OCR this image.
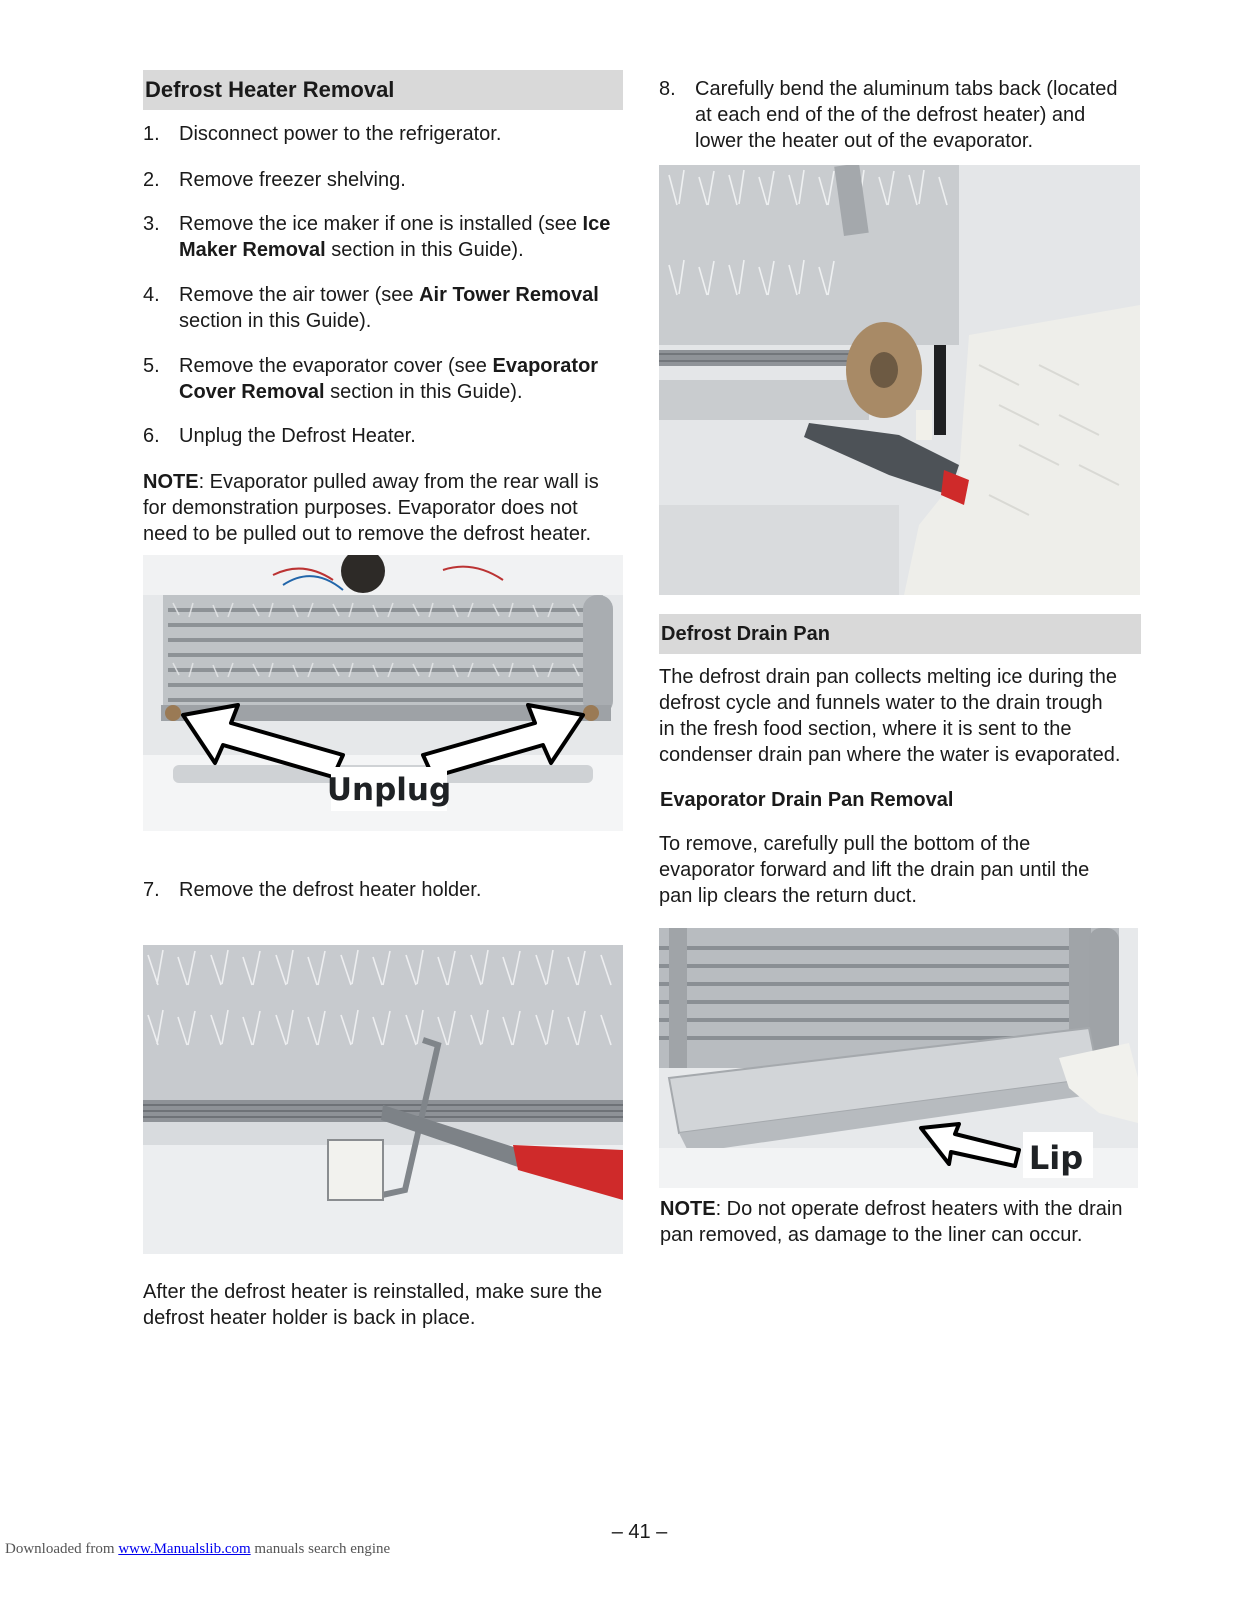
Defrost Heater Removal
1. Disconnect power to the refrigerator.
2. Remove freezer shelving.
3. Remove the ice maker if one is installed (see Ice
Maker Removal section in this Guide).
4. Remove the air tower (see Air Tower Removal
section in this Guide).
5. Remove the evaporator cover (see Evaporator
Cover Removal section in this Guide).
6. Unplug the Defrost Heater.
NOTE: Evaporator pulled away from the rear wall is
for demonstration purposes. Evaporator does not
need to be pulled out to remove the defrost heater.
Unplug
7. Remove the defrost heater holder.
After the defrost heater is reinstalled, make sure the
defrost heater holder is back in place.
8. Carefully bend the aluminum tabs back (located
at each end of the of the defrost heater) and
lower the heater out of the evaporator.
Defrost Drain Pan
The defrost drain pan collects melting ice during the
defrost cycle and funnels water to the drain trough
in the fresh food section, where it is sent to the
condenser drain pan where the water is evaporated.
Evaporator Drain Pan Removal
To remove, carefully pull the bottom of the
evaporator forward and lift the drain pan until the
pan lip clears the return duct.
Lip
NOTE: Do not operate defrost heaters with the drain
pan removed, as damage to the liner can occur.
– 41 –
Downloaded from www.Manualslib.com manuals search engine
